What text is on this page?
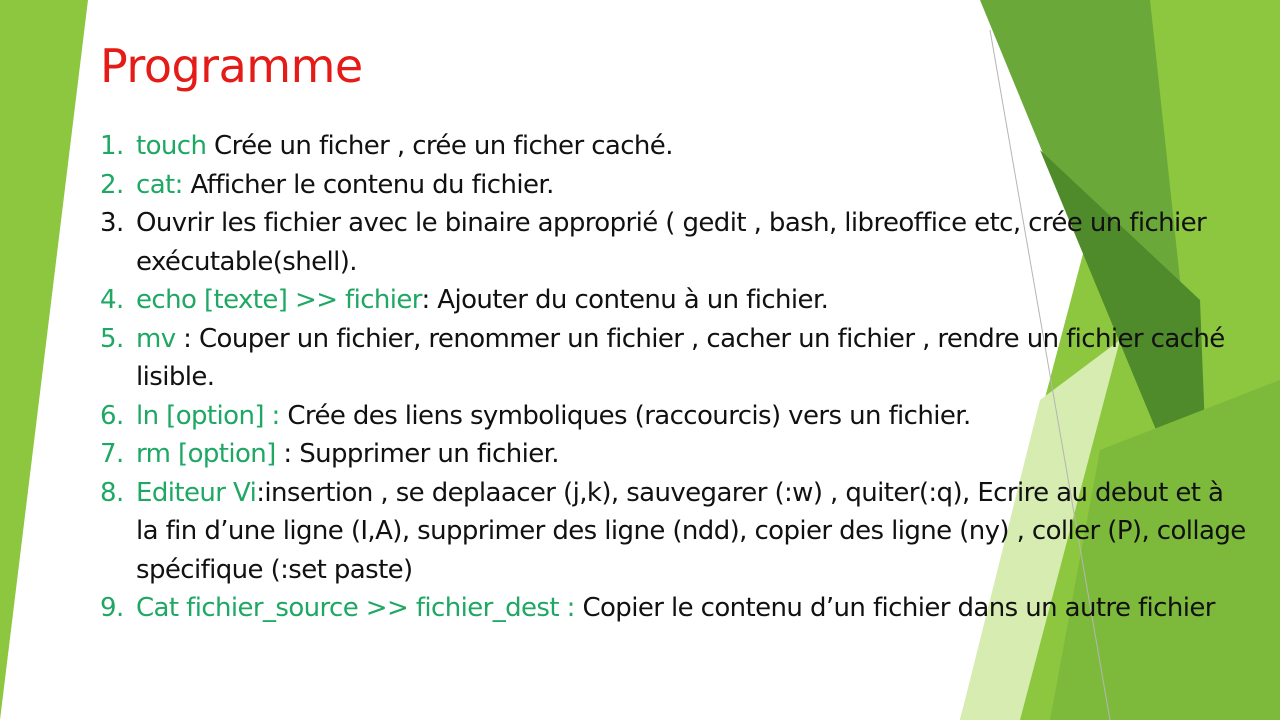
Programme
1. touch Crée un ficher , crée un ficher caché.
2. cat: Afficher le contenu du fichier.
3. Ouvrir les fichier avec le binaire approprié ( gedit , bash, libreoffice etc, crée un fichier exécutable(shell).
4. echo [texte] >> fichier: Ajouter du contenu à un fichier.
5. mv : Couper un fichier, renommer un fichier , cacher un fichier , rendre un fichier caché lisible.
6. ln [option] : Crée des liens symboliques (raccourcis) vers un fichier.
7. rm [option] : Supprimer un fichier.
8. Editeur Vi:insertion , se deplaacer (j,k), sauvegarer (:w) , quiter(:q), Ecrire au debut et à la fin d’une ligne (I,A), supprimer des ligne (ndd), copier des ligne (ny) , coller (P), collage spécifique (:set paste)
9. Cat fichier_source >> fichier_dest : Copier le contenu d’un fichier dans un autre fichier
